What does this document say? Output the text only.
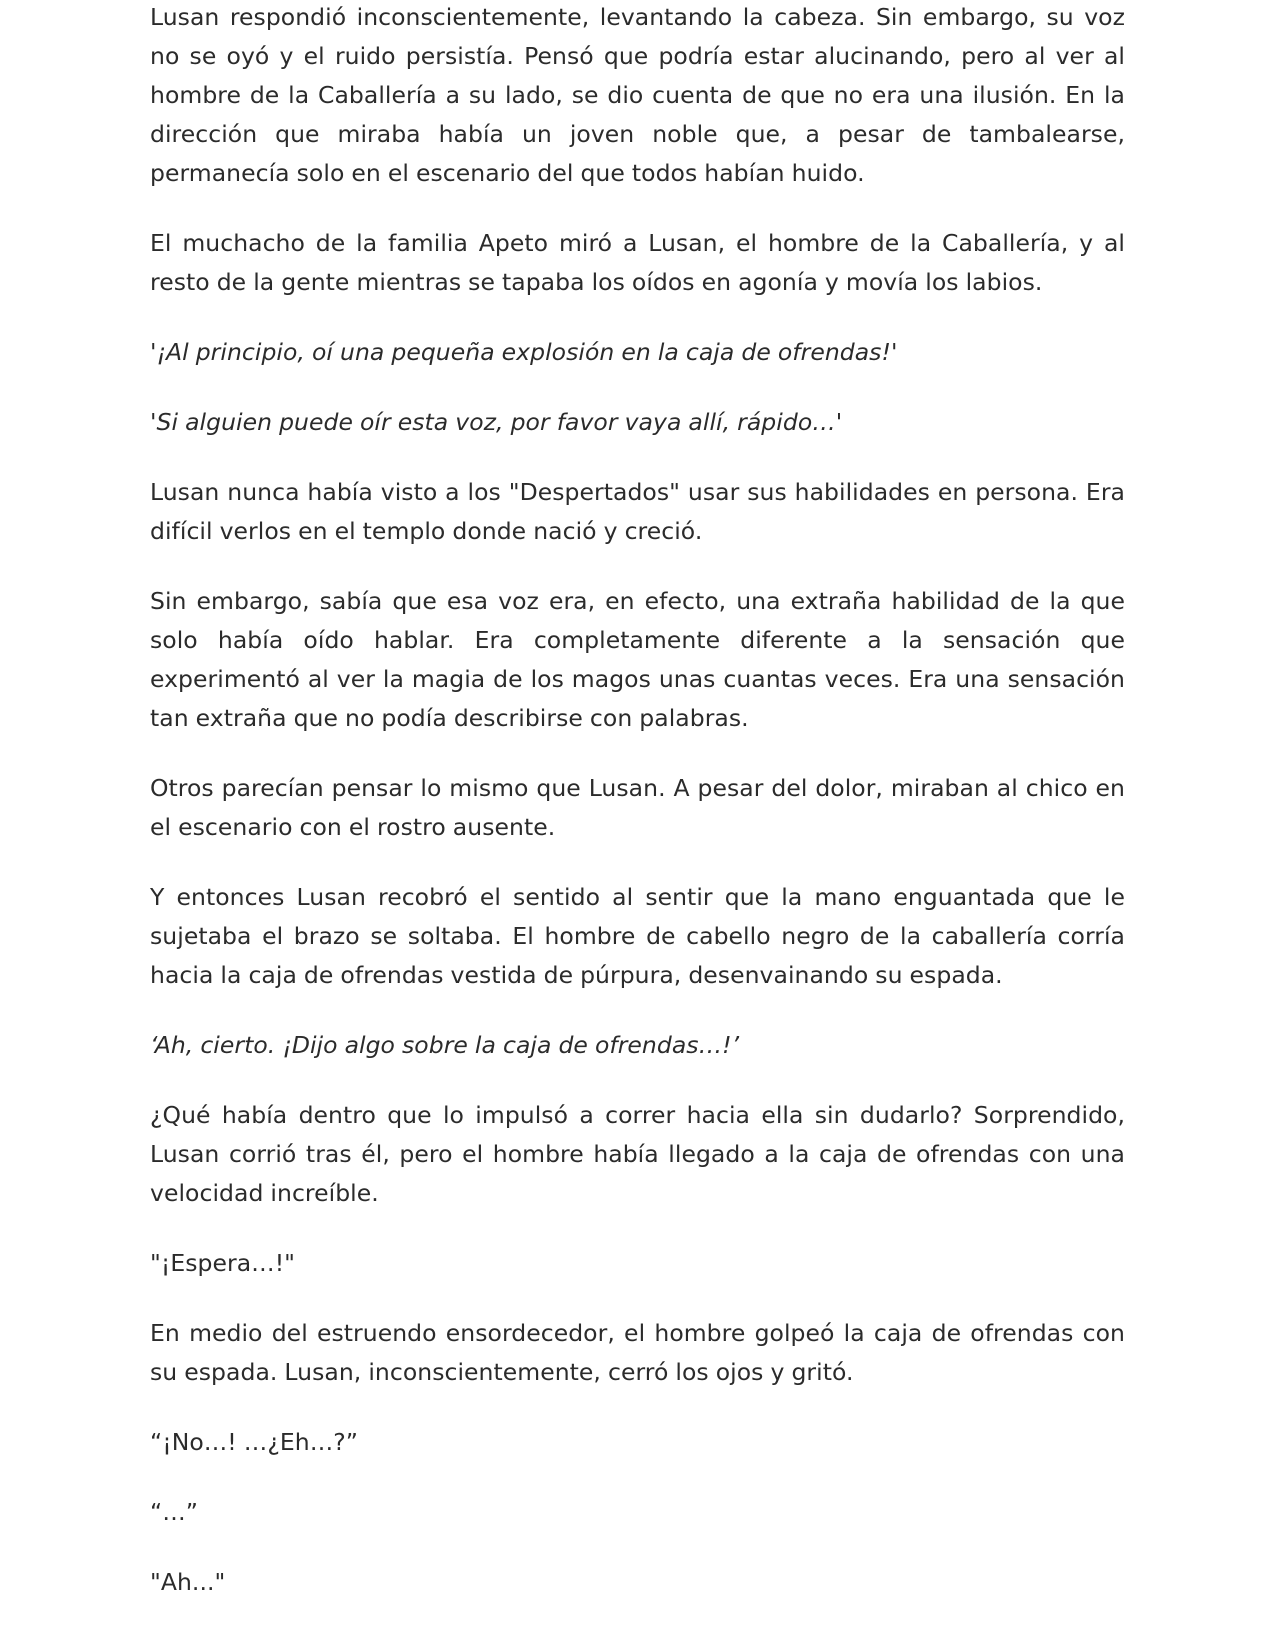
Lusan respondió inconscientemente, levantando la cabeza. Sin embargo, su voz no se oyó y el ruido persistía. Pensó que podría estar alucinando, pero al ver al hombre de la Caballería a su lado, se dio cuenta de que no era una ilusión. En la dirección que miraba había un joven noble que, a pesar de tambalearse, permanecía solo en el escenario del que todos habían huido.

El muchacho de la familia Apeto miró a Lusan, el hombre de la Caballería, y al resto de la gente mientras se tapaba los oídos en agonía y movía los labios.

'¡Al principio, oí una pequeña explosión en la caja de ofrendas!'

'Si alguien puede oír esta voz, por favor vaya allí, rápido…'

Lusan nunca había visto a los "Despertados" usar sus habilidades en persona. Era difícil verlos en el templo donde nació y creció.

Sin embargo, sabía que esa voz era, en efecto, una extraña habilidad de la que solo había oído hablar. Era completamente diferente a la sensación que experimentó al ver la magia de los magos unas cuantas veces. Era una sensación tan extraña que no podía describirse con palabras.

Otros parecían pensar lo mismo que Lusan. A pesar del dolor, miraban al chico en el escenario con el rostro ausente.

Y entonces Lusan recobró el sentido al sentir que la mano enguantada que le sujetaba el brazo se soltaba. El hombre de cabello negro de la caballería corría hacia la caja de ofrendas vestida de púrpura, desenvainando su espada.

‘Ah, cierto. ¡Dijo algo sobre la caja de ofrendas…!’

¿Qué había dentro que lo impulsó a correr hacia ella sin dudarlo? Sorprendido, Lusan corrió tras él, pero el hombre había llegado a la caja de ofrendas con una velocidad increíble.

"¡Espera…!"

En medio del estruendo ensordecedor, el hombre golpeó la caja de ofrendas con su espada. Lusan, inconscientemente, cerró los ojos y gritó.

“¡No…! …¿Eh…?”

“…”

"Ah..."
